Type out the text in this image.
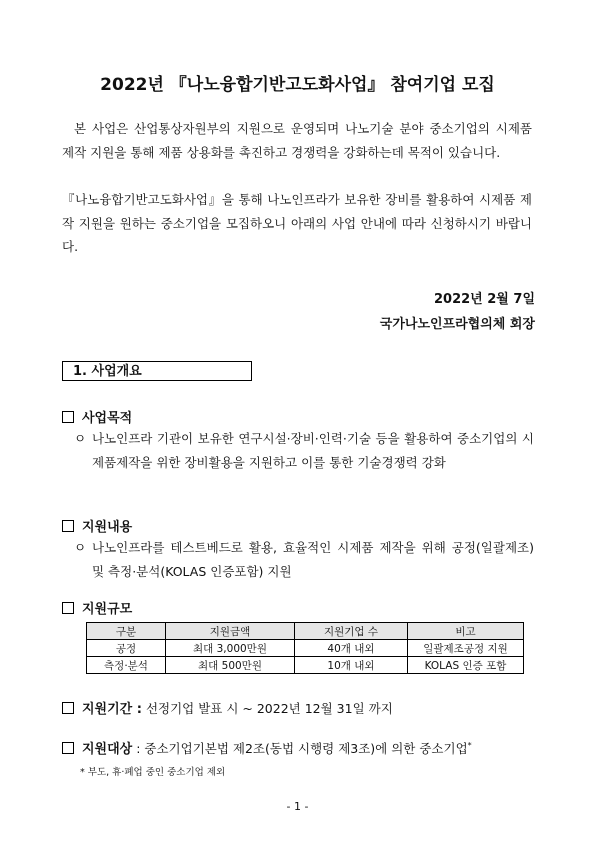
2022년 『나노융합기반고도화사업』 참여기업 모집
본 사업은 산업통상자원부의 지원으로 운영되며 나노기술 분야 중소기업의 시제품 제작 지원을 통해 제품 상용화를 촉진하고 경쟁력을 강화하는데 목적이 있습니다.
『나노융합기반고도화사업』을 통해 나노인프라가 보유한 장비를 활용하여 시제품 제작 지원을 원하는 중소기업을 모집하오니 아래의 사업 안내에 따라 신청하시기 바랍니다.
2022년 2월 7일
국가나노인프라협의체 회장
1. 사업개요
사업목적
ㅇ 나노인프라 기관이 보유한 연구시설·장비·인력·기술 등을 활용하여 중소기업의 시제품제작을 위한 장비활용을 지원하고 이를 통한 기술경쟁력 강화
지원내용
ㅇ 나노인프라를 테스트베드로 활용, 효율적인 시제품 제작을 위해 공정(일괄제조) 및 측정·분석(KOLAS 인증포함) 지원
지원규모
구분	지원금액	지원기업 수	비고
공정	최대 3,000만원	40개 내외	일괄제조공정 지원
측정·분석	최대 500만원	10개 내외	KOLAS 인증 포함
지원기간 : 선정기업 발표 시 ~ 2022년 12월 31일 까지
지원대상 : 중소기업기본법 제2조(동법 시행령 제3조)에 의한 중소기업*
* 부도, 휴·폐업 중인 중소기업 제외
- 1 -
